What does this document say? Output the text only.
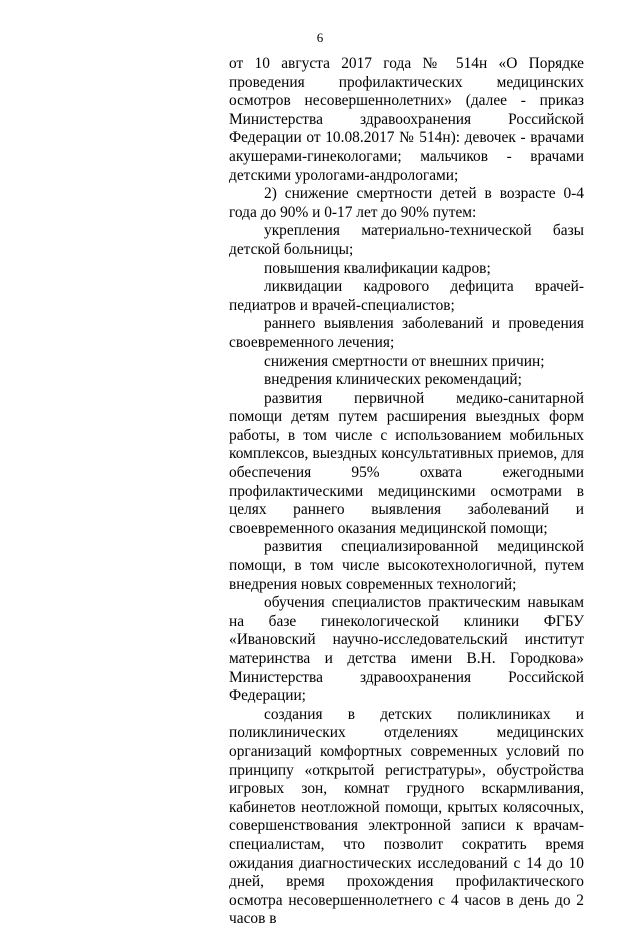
6

от 10 августа 2017 года № 514н «О Порядке проведения профилактических медицинских осмотров несовершеннолетних» (далее - приказ Министерства здравоохранения Российской Федерации от 10.08.2017 № 514н): девочек - врачами акушерами-гинекологами; мальчиков - врачами детскими урологами-андрологами;

2) снижение смертности детей в возрасте 0-4 года до 90% и 0-17 лет до 90% путем:

укрепления материально-технической базы детской больницы;

повышения квалификации кадров;

ликвидации кадрового дефицита врачей-педиатров и врачей-специалистов;

раннего выявления заболеваний и проведения своевременного лечения;

снижения смертности от внешних причин;

внедрения клинических рекомендаций;

развития первичной медико-санитарной помощи детям путем расширения выездных форм работы, в том числе с использованием мобильных комплексов, выездных консультативных приемов, для обеспечения 95% охвата ежегодными профилактическими медицинскими осмотрами в целях раннего выявления заболеваний и своевременного оказания медицинской помощи;

развития специализированной медицинской помощи, в том числе высокотехнологичной, путем внедрения новых современных технологий;

обучения специалистов практическим навыкам на базе гинекологической клиники ФГБУ «Ивановский научно-исследовательский институт материнства и детства имени В.Н. Городкова» Министерства здравоохранения Российской Федерации;

создания в детских поликлиниках и поликлинических отделениях медицинских организаций комфортных современных условий по принципу «открытой регистратуры», обустройства игровых зон, комнат грудного вскармливания, кабинетов неотложной помощи, крытых колясочных, совершенствования электронной записи к врачам-специалистам, что позволит сократить время ожидания диагностических исследований с 14 до 10 дней, время прохождения профилактического осмотра несовершеннолетнего с 4 часов в день до 2 часов в
